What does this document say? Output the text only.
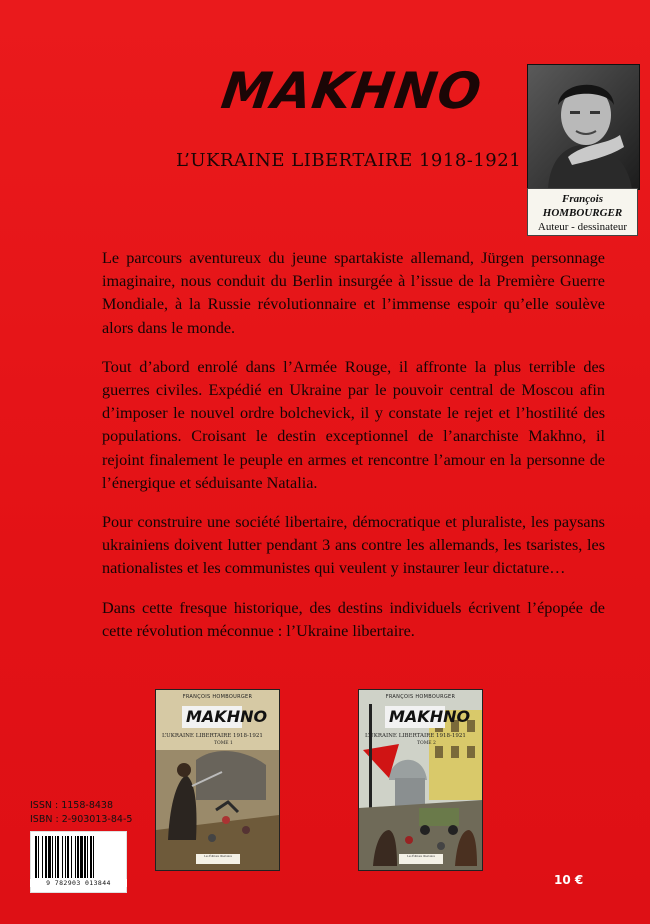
MAKHNO
L’UKRAINE LIBERTAIRE 1918-1921
François
HOMBOURGER
Auteur - dessinateur

Le parcours aventureux du jeune spartakiste allemand, Jürgen personnage imaginaire, nous conduit du Berlin insurgée à l’issue de la Première Guerre Mondiale, à la Russie révolutionnaire et l’immense espoir qu’elle soulève alors dans le monde.

Tout d’abord enrolé dans l’Armée Rouge, il affronte la plus terrible des guerres civiles. Expédié en Ukraine par le pouvoir central de Moscou afin d’imposer le nouvel ordre bolchevick, il y constate le rejet et l’hostilité des populations. Croisant le destin exceptionnel de l’anarchiste Makhno, il rejoint finalement le peuple en armes et rencontre l’amour en la personne de l’énergique et séduisante Natalia.

Pour construire une société libertaire, démocratique et pluraliste, les paysans ukrainiens doivent lutter pendant 3 ans contre les allemands, les tsaristes, les nationalistes et les communistes qui veulent y instaurer leur dictature…

Dans cette fresque historique, des destins individuels écrivent l’épopée de cette révolution méconnue : l’Ukraine libertaire.

FRANÇOIS HOMBOURGER
MAKHNO
L’UKRAINE LIBERTAIRE 1918-1921
TOME 1
Les Éditions libertaires
FRANÇOIS HOMBOURGER
MAKHNO
L’UKRAINE LIBERTAIRE 1918-1921
TOME 2
Les Éditions libertaires
ISSN : 1158-8438
ISBN : 2-903013-84-5
9 782903 013844	10 €
